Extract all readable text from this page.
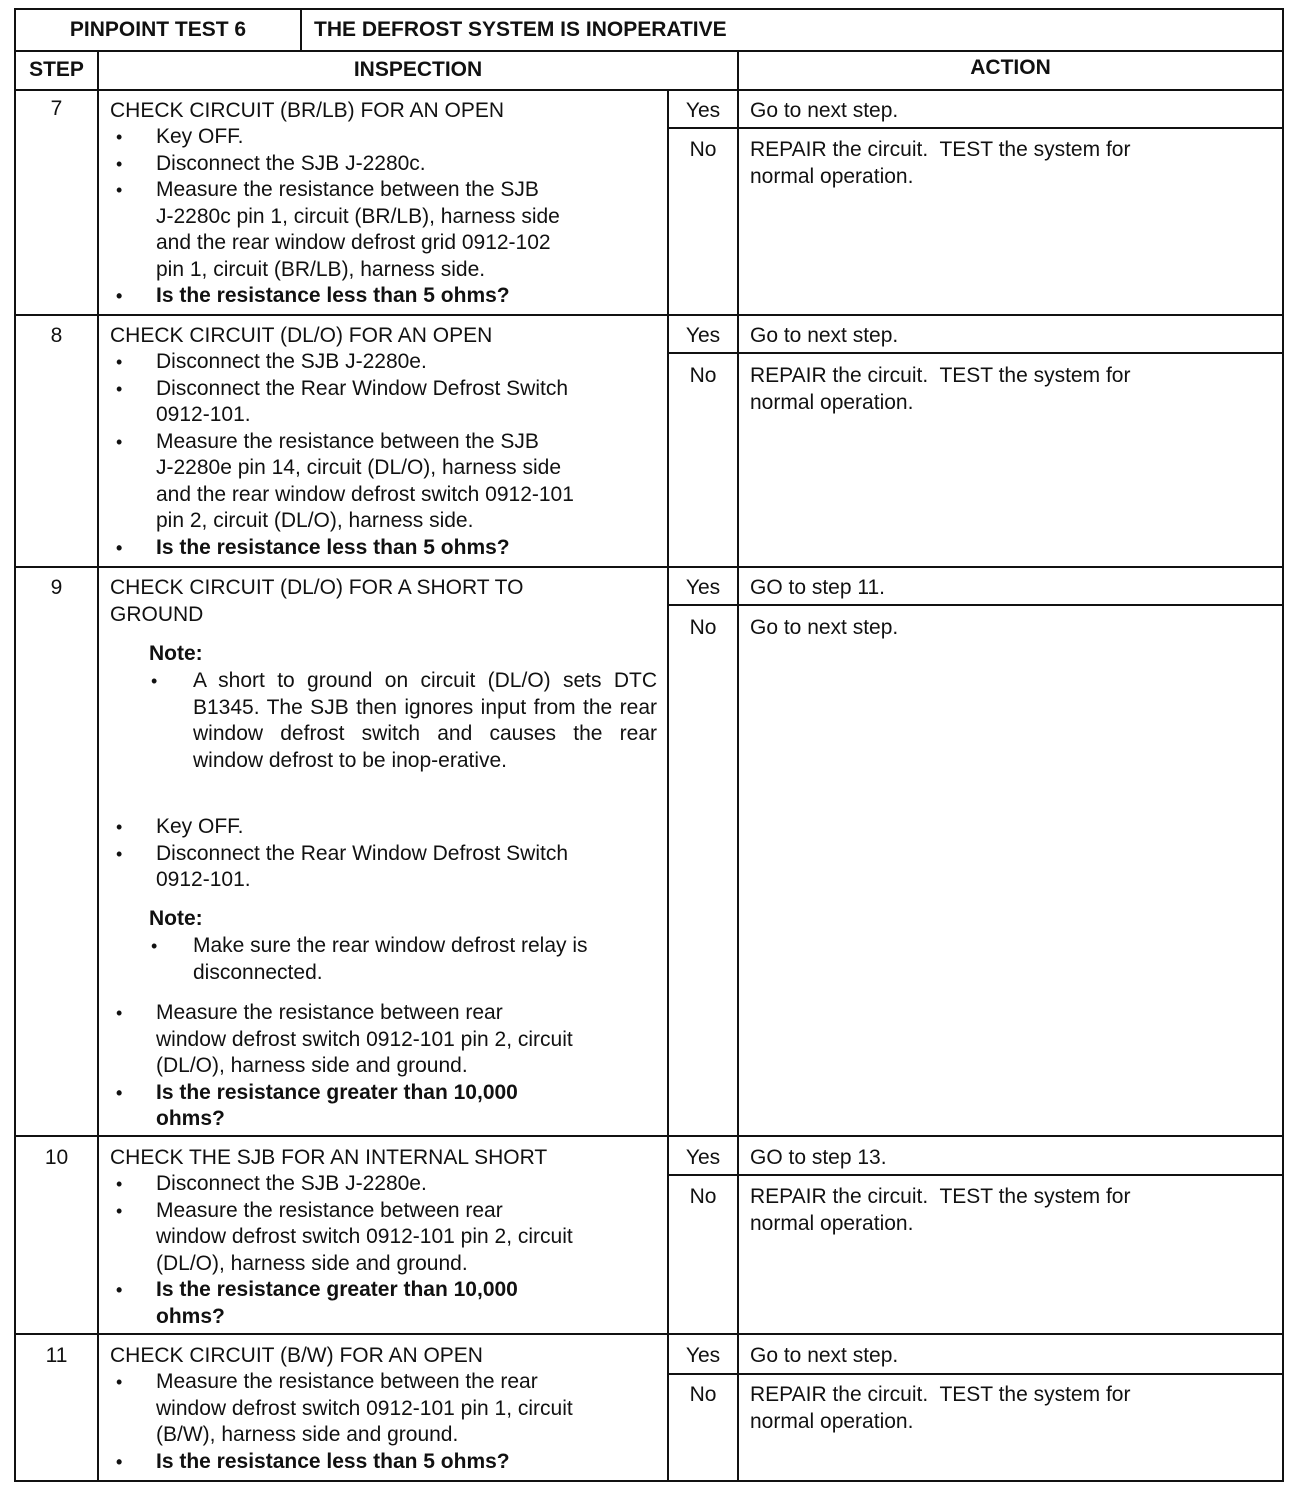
PINPOINT TEST 6	THE DEFROST SYSTEM IS INOPERATIVE
STEP	INSPECTION	ACTION
7	CHECK CIRCUIT (BR/LB) FOR AN OPEN
• Key OFF.
• Disconnect the SJB J-2280c.
• Measure the resistance between the SJB
J-2280c pin 1, circuit (BR/LB), harness side
and the rear window defrost grid 0912-102
pin 1, circuit (BR/LB), harness side.
• Is the resistance less than 5 ohms?
Yes	Go to next step.
No	REPAIR the circuit.  TEST the system for
normal operation.
8	CHECK CIRCUIT (DL/O) FOR AN OPEN
• Disconnect the SJB J-2280e.
• Disconnect the Rear Window Defrost Switch
0912-101.
• Measure the resistance between the SJB
J-2280e pin 14, circuit (DL/O), harness side
and the rear window defrost switch 0912-101
pin 2, circuit (DL/O), harness side.
• Is the resistance less than 5 ohms?
Yes	Go to next step.
No	REPAIR the circuit.  TEST the system for
normal operation.
9	CHECK CIRCUIT (DL/O) FOR A SHORT TO
GROUND
Note:
• A short to ground on circuit (DL/O) sets DTC B1345. The SJB then ignores input from the rear window defrost switch and causes the rear window defrost to be inop-erative.
• Key OFF.
• Disconnect the Rear Window Defrost Switch
0912-101.
Note:
• Make sure the rear window defrost relay is
disconnected.
• Measure the resistance between rear
window defrost switch 0912-101 pin 2, circuit
(DL/O), harness side and ground.
• Is the resistance greater than 10,000
ohms?
Yes	GO to step 11.
No	Go to next step.
10	CHECK THE SJB FOR AN INTERNAL SHORT
• Disconnect the SJB J-2280e.
• Measure the resistance between rear
window defrost switch 0912-101 pin 2, circuit
(DL/O), harness side and ground.
• Is the resistance greater than 10,000
ohms?
Yes	GO to step 13.
No	REPAIR the circuit.  TEST the system for
normal operation.
11	CHECK CIRCUIT (B/W) FOR AN OPEN
• Measure the resistance between the rear
window defrost switch 0912-101 pin 1, circuit
(B/W), harness side and ground.
• Is the resistance less than 5 ohms?
Yes	Go to next step.
No	REPAIR the circuit.  TEST the system for
normal operation.
